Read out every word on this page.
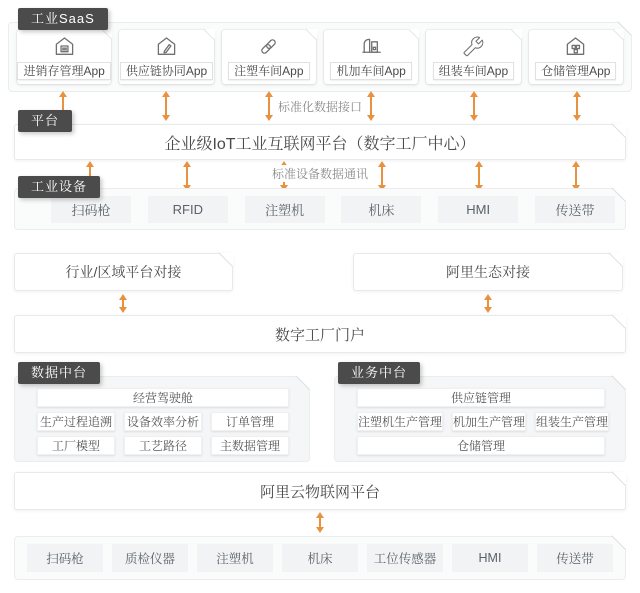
工业SaaS
进销存管理App	供应链协同App	注塑车间App	机加车间App	组装车间App	仓储管理App
标准化数据接口
平台
企业级IoT工业互联网平台（数字工厂中心）
标准设备数据通讯
工业设备
扫码枪	RFID	注塑机	机床	HMI	传送带
行业/区域平台对接	阿里生态对接
数字工厂门户
数据中台
经营驾驶舱
生产过程追溯 设备效率分析	订单管理
工厂模型	工艺路径	主数据管理
业务中台
供应链管理
注塑机生产管理 机加生产管理 组装生产管理
仓储管理
阿里云物联网平台
扫码枪	质检仪器	注塑机	机床	工位传感器	HMI	传送带
